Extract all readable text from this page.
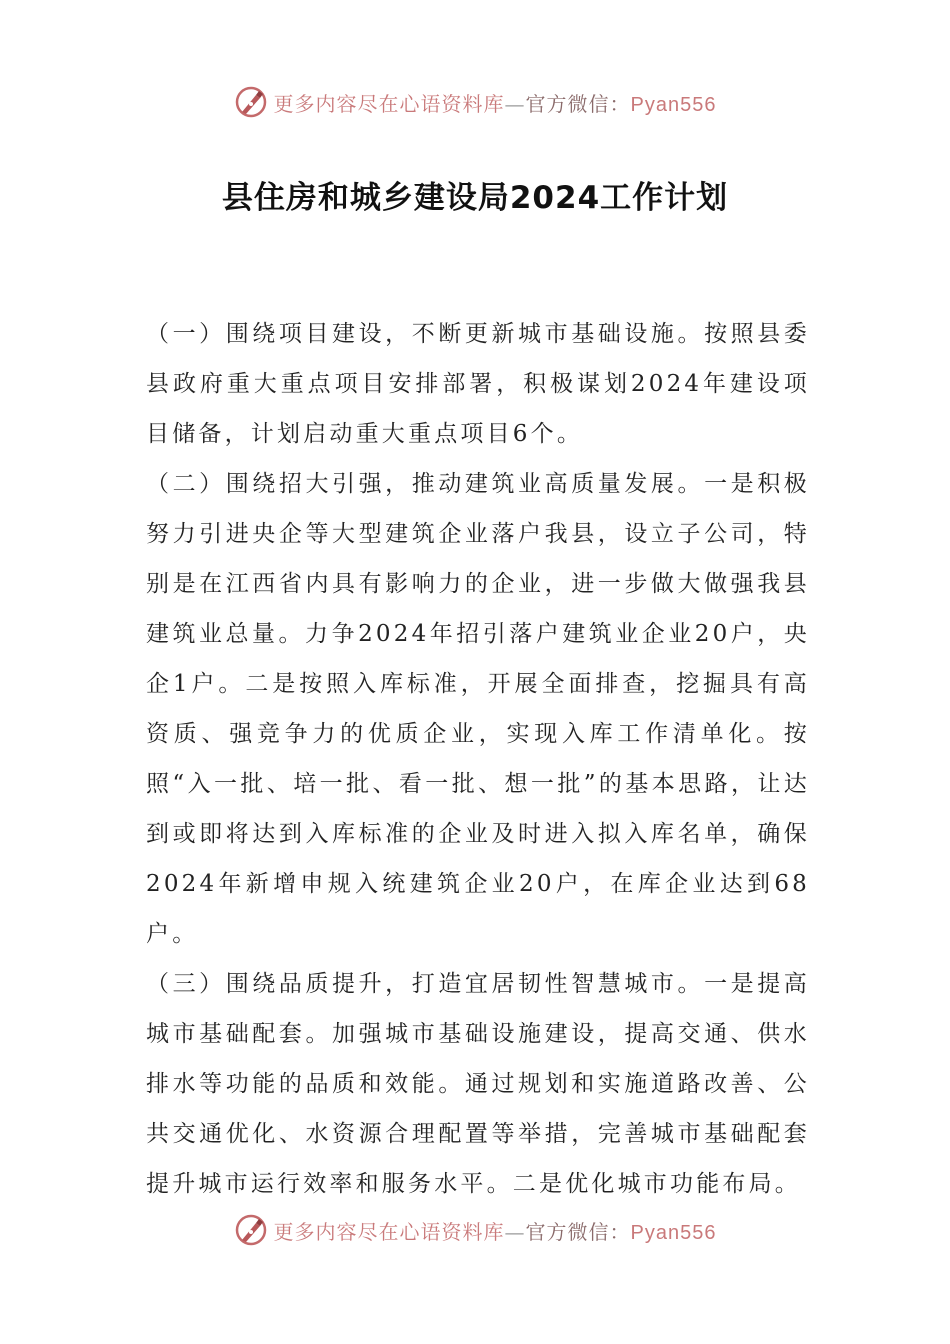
更多内容尽在心语资料库—官方微信：Pyan556
县住房和城乡建设局2024工作计划

（一）围绕项目建设，不断更新城市基础设施。按照县委县政府重大重点项目安排部署，积极谋划2024年建设项目储备，计划启动重大重点项目6个。

（二）围绕招大引强，推动建筑业高质量发展。一是积极努力引进央企等大型建筑企业落户我县，设立子公司，特别是在江西省内具有影响力的企业，进一步做大做强我县建筑业总量。力争2024年招引落户建筑业企业20户，央企1户。二是按照入库标准，开展全面排查，挖掘具有高资质、强竞争力的优质企业，实现入库工作清单化。按照“入一批、培一批、看一批、想一批”的基本思路，让达到或即将达到入库标准的企业及时进入拟入库名单，确保2024年新增申规入统建筑企业20户，在库企业达到68户。

（三）围绕品质提升，打造宜居韧性智慧城市。一是提高城市基础配套。加强城市基础设施建设，提高交通、供水排水等功能的品质和效能。通过规划和实施道路改善、公共交通优化、水资源合理配置等举措，完善城市基础配套提升城市运行效率和服务水平。二是优化城市功能布局。

更多内容尽在心语资料库—官方微信：Pyan556
